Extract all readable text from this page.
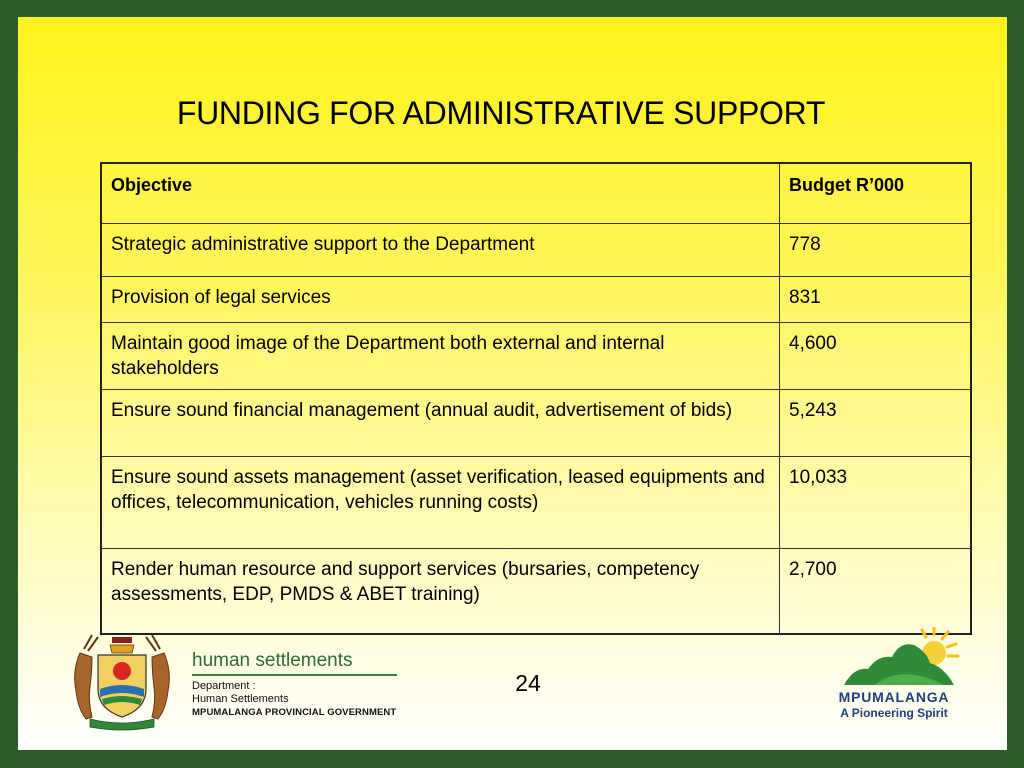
FUNDING FOR ADMINISTRATIVE SUPPORT
Objective	Budget R’000
Strategic administrative support to the Department	778
Provision of legal services	831
Maintain good image of the Department both external and internal stakeholders	4,600
Ensure sound financial management (annual audit, advertisement of bids)	5,243
Ensure sound assets management (asset verification, leased equipments and offices, telecommunication, vehicles running costs)	10,033
Render human resource and support services (bursaries, competency assessments, EDP, PMDS & ABET training)	2,700
human settlements
Department :
Human Settlements
MPUMALANGA PROVINCIAL GOVERNMENT
24
MPUMALANGA
A Pioneering Spirit
